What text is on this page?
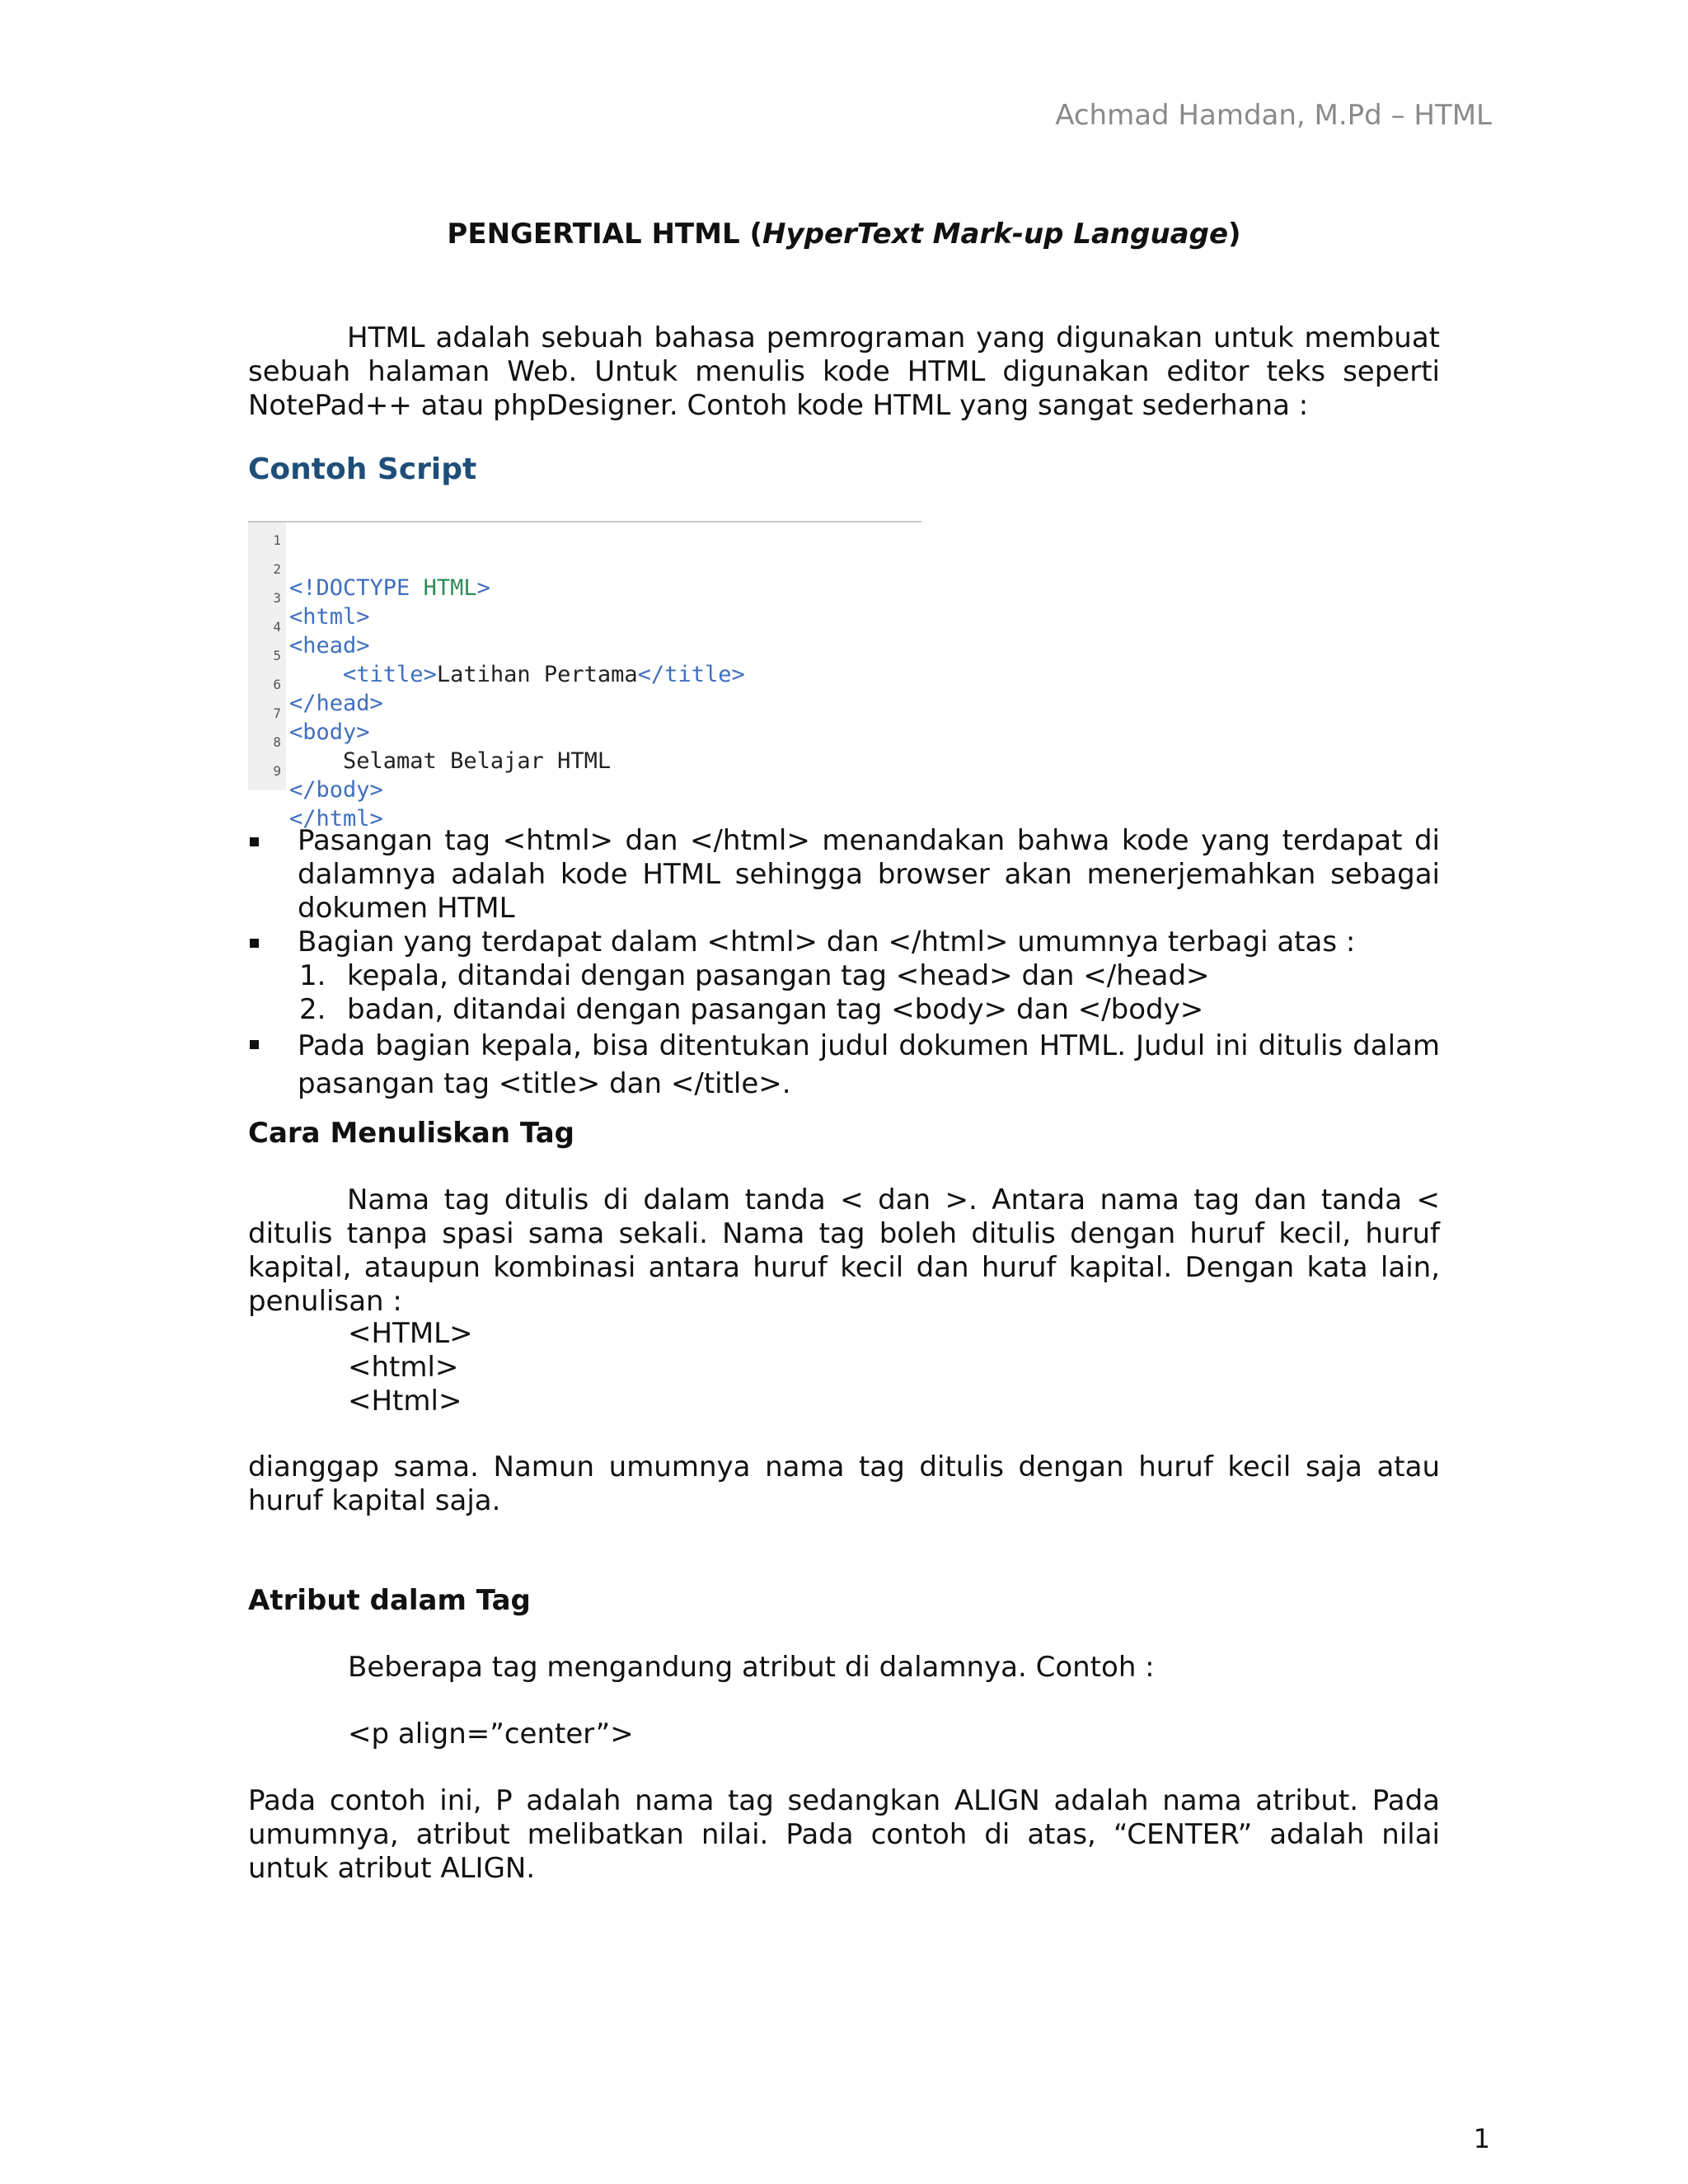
Achmad Hamdan, M.Pd – HTML
PENGERTIAL HTML (HyperText Mark-up Language)
HTML adalah sebuah bahasa pemrograman yang digunakan untuk membuat sebuah halaman Web. Untuk menulis kode HTML digunakan editor teks seperti NotePad++ atau phpDesigner. Contoh kode HTML yang sangat sederhana :
Contoh Script

1

<!DOCTYPE HTML>

2

<html>

3

<head>

4

<title>Latihan Pertama</title>

5

</head>

6

<body>

7

Selamat Belajar HTML

8

</body>

9

</html>

Pasangan tag <html> dan </html> menandakan bahwa kode yang terdapat di dalamnya adalah kode HTML sehingga browser akan menerjemahkan sebagai dokumen HTML
Bagian yang terdapat dalam <html> dan </html> umumnya terbagi atas :
1. kepala, ditandai dengan pasangan tag <head> dan </head>
2. badan, ditandai dengan pasangan tag <body> dan </body>
Pada bagian kepala, bisa ditentukan judul dokumen HTML. Judul ini ditulis dalam pasangan tag <title> dan </title>.
Cara Menuliskan Tag
Nama tag ditulis di dalam tanda < dan >. Antara nama tag dan tanda < ditulis tanpa spasi sama sekali. Nama tag boleh ditulis dengan huruf kecil, huruf kapital, ataupun kombinasi antara huruf kecil dan huruf kapital. Dengan kata lain, penulisan :
<HTML>
<html>
<Html>
dianggap sama. Namun umumnya nama tag ditulis dengan huruf kecil saja atau huruf kapital saja.
Atribut dalam Tag
Beberapa tag mengandung atribut di dalamnya. Contoh :
<p align=”center”>
Pada contoh ini, P adalah nama tag sedangkan ALIGN adalah nama atribut. Pada umumnya, atribut melibatkan nilai. Pada contoh di atas, “CENTER” adalah nilai untuk atribut ALIGN.
1
